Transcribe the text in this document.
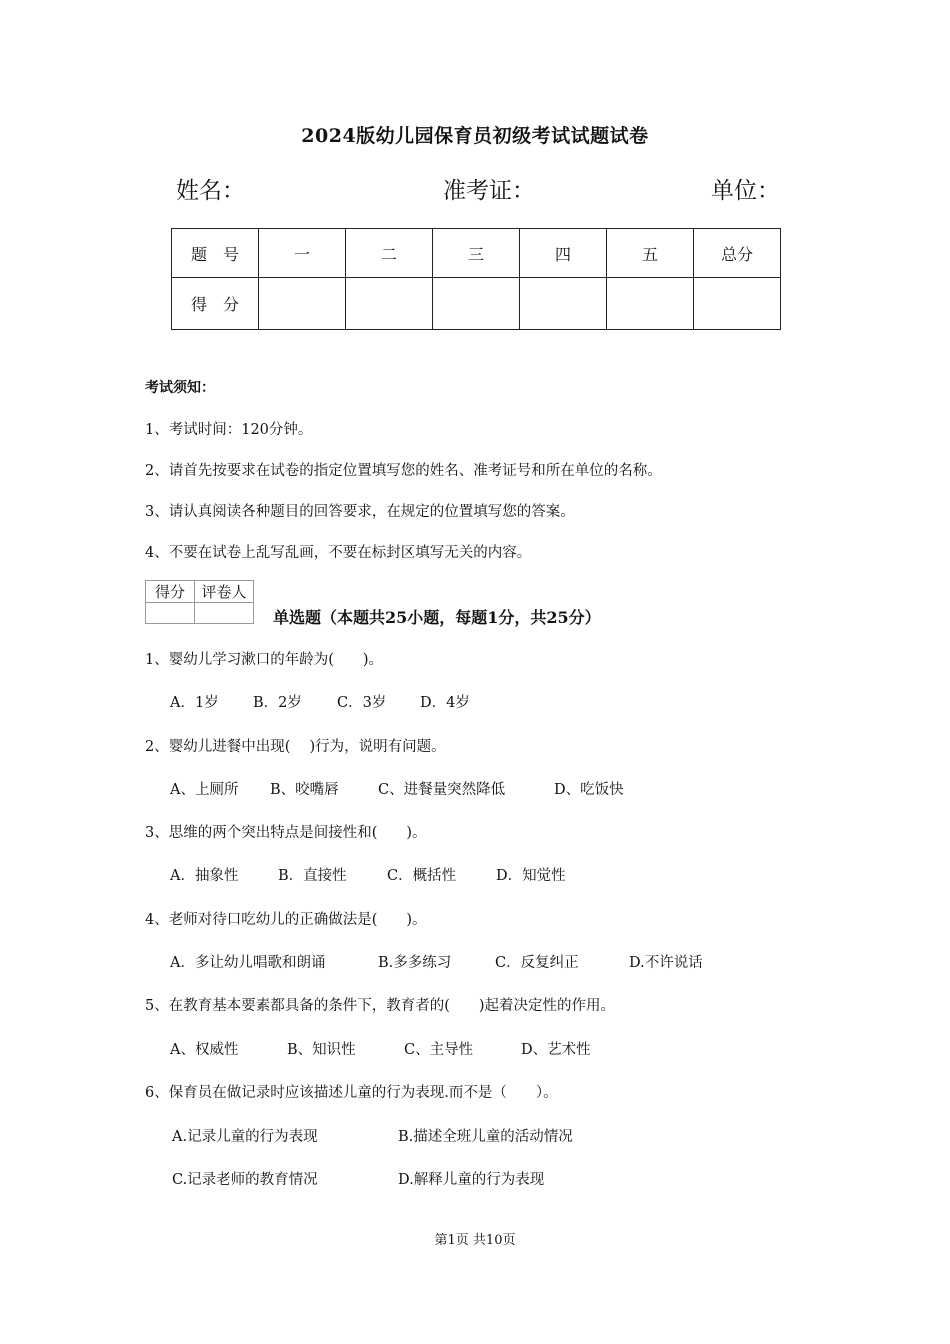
2024版幼儿园保育员初级考试试题试卷
姓名：	准考证：	单位：
题　号	一	二	三	四	五	总分
得　分						
考试须知：
1、考试时间：120分钟。
2、请首先按要求在试卷的指定位置填写您的姓名、准考证号和所在单位的名称。
3、请认真阅读各种题目的回答要求，在规定的位置填写您的答案。
4、不要在试卷上乱写乱画，不要在标封区填写无关的内容。
得分	评卷人

单选题（本题共25小题，每题1分，共25分）
1、婴幼儿学习漱口的年龄为(　　)。
A．1岁 B．2岁 C．3岁 D．4岁
2、婴幼儿进餐中出现(　 )行为，说明有问题。
A、上厕所 B、咬嘴唇	C、进餐量突然降低	D、吃饭快
3、思维的两个突出特点是间接性和(　　)。
A．抽象性	B．直接性	C．概括性	D．知觉性
4、老师对待口吃幼儿的正确做法是(　　)。
A．多让幼儿唱歌和朗诵	B.多多练习	C．反复纠正	D.不许说话
5、在教育基本要素都具备的条件下，教育者的(　　)起着决定性的作用。
A、权威性	B、知识性	C、主导性	D、艺术性
6、保育员在做记录时应该描述儿童的行为表现.而不是（　　）。
A.记录儿童的行为表现	B.描述全班儿童的活动情况
C.记录老师的教育情况	D.解释儿童的行为表现
第1页 共10页
